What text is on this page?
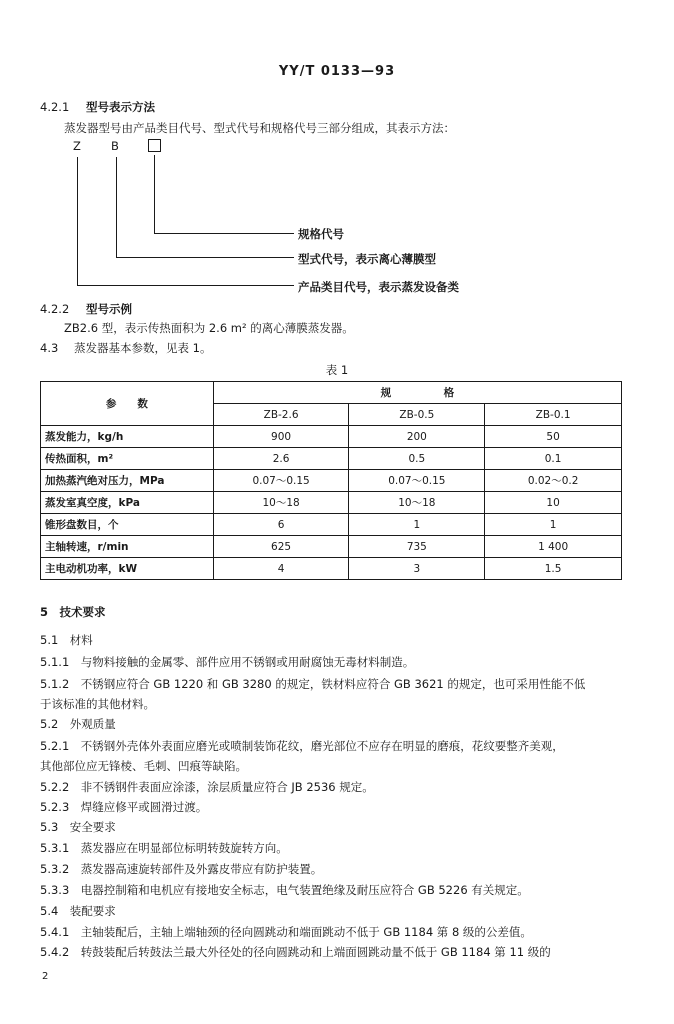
YY/T 0133—93
4.2.1 型号表示方法
蒸发器型号由产品类目代号、型式代号和规格代号三部分组成，其表示方法：
Z	B
规格代号
型式代号，表示离心薄膜型
产品类目代号，表示蒸发设备类
4.2.2 型号示例
ZB2.6 型，表示传热面积为 2.6 m² 的离心薄膜蒸发器。
4.3 蒸发器基本参数，见表 1。
表 1
参　　数	规　　　　　格		
	ZB-2.6	ZB-0.5	ZB-0.1
蒸发能力，kg/h	900	200	50
传热面积，m²	2.6	0.5	0.1
加热蒸汽绝对压力，MPa	0.07～0.15	0.07～0.15	0.02～0.2
蒸发室真空度，kPa	10～18	10～18	10
锥形盘数目，个	6	1	1
主轴转速，r/min	625	735	1 400
主电动机功率，kW	4	3	1.5
5　技术要求
5.1　材料
5.1.1　与物料接触的金属零、部件应用不锈钢或用耐腐蚀无毒材料制造。
5.1.2　不锈钢应符合 GB 1220 和 GB 3280 的规定，铁材料应符合 GB 3621 的规定，也可采用性能不低
于该标准的其他材料。
5.2　外观质量
5.2.1　不锈钢外壳体外表面应磨光或喷制装饰花纹，磨光部位不应存在明显的磨痕，花纹要整齐美观，
其他部位应无锋棱、毛刺、凹痕等缺陷。
5.2.2　非不锈钢件表面应涂漆，涂层质量应符合 JB 2536 规定。
5.2.3　焊缝应修平或圆滑过渡。
5.3　安全要求
5.3.1　蒸发器应在明显部位标明转鼓旋转方向。
5.3.2　蒸发器高速旋转部件及外露皮带应有防护装置。
5.3.3　电器控制箱和电机应有接地安全标志，电气装置绝缘及耐压应符合 GB 5226 有关规定。
5.4　装配要求
5.4.1　主轴装配后，主轴上端轴颈的径向圆跳动和端面跳动不低于 GB 1184 第 8 级的公差值。
5.4.2　转鼓装配后转鼓法兰最大外径处的径向圆跳动和上端面圆跳动量不低于 GB 1184 第 11 级的
2
